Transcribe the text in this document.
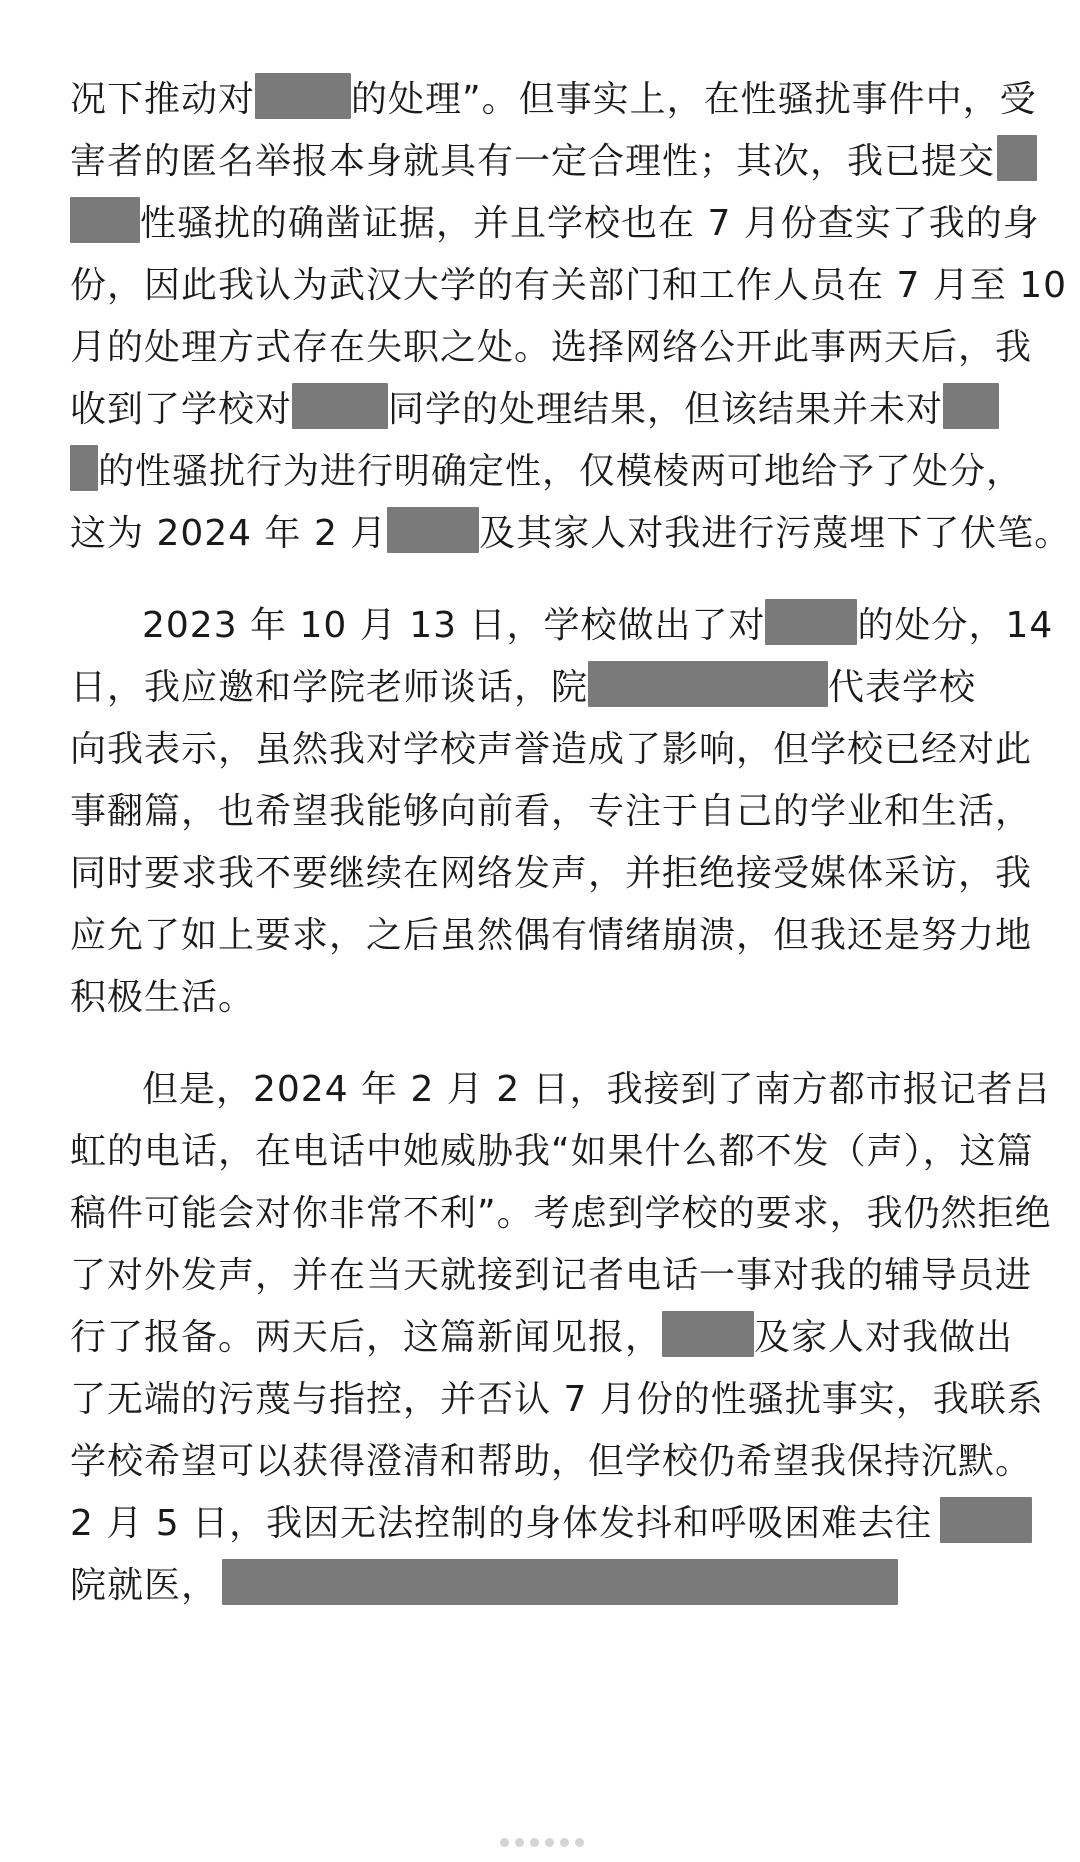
况下推动对	的处理”。但事实上，在性骚扰事件中，受
害者的匿名举报本身就具有一定合理性；其次，我已提交
性骚扰的确凿证据，并且学校也在 7 月份查实了我的身
份，因此我认为武汉大学的有关部门和工作人员在 7 月至 10
月的处理方式存在失职之处。选择网络公开此事两天后，我
收到了学校对	同学的处理结果，但该结果并未对
的性骚扰行为进行明确定性，仅模棱两可地给予了处分，
这为 2024 年 2 月	及其家人对我进行污蔑埋下了伏笔。
2023 年 10 月 13 日，学校做出了对	的处分，14
日，我应邀和学院老师谈话，院	代表学校
向我表示，虽然我对学校声誉造成了影响，但学校已经对此
事翻篇，也希望我能够向前看，专注于自己的学业和生活，
同时要求我不要继续在网络发声，并拒绝接受媒体采访，我
应允了如上要求，之后虽然偶有情绪崩溃，但我还是努力地
积极生活。
但是，2024 年 2 月 2 日，我接到了南方都市报记者吕
虹的电话，在电话中她威胁我“如果什么都不发（声），这篇
稿件可能会对你非常不利”。考虑到学校的要求，我仍然拒绝
了对外发声，并在当天就接到记者电话一事对我的辅导员进
行了报备。两天后，这篇新闻见报，	及家人对我做出
了无端的污蔑与指控，并否认 7 月份的性骚扰事实，我联系
学校希望可以获得澄清和帮助，但学校仍希望我保持沉默。
2 月 5 日，我因无法控制的身体发抖和呼吸困难去往
院就医，
